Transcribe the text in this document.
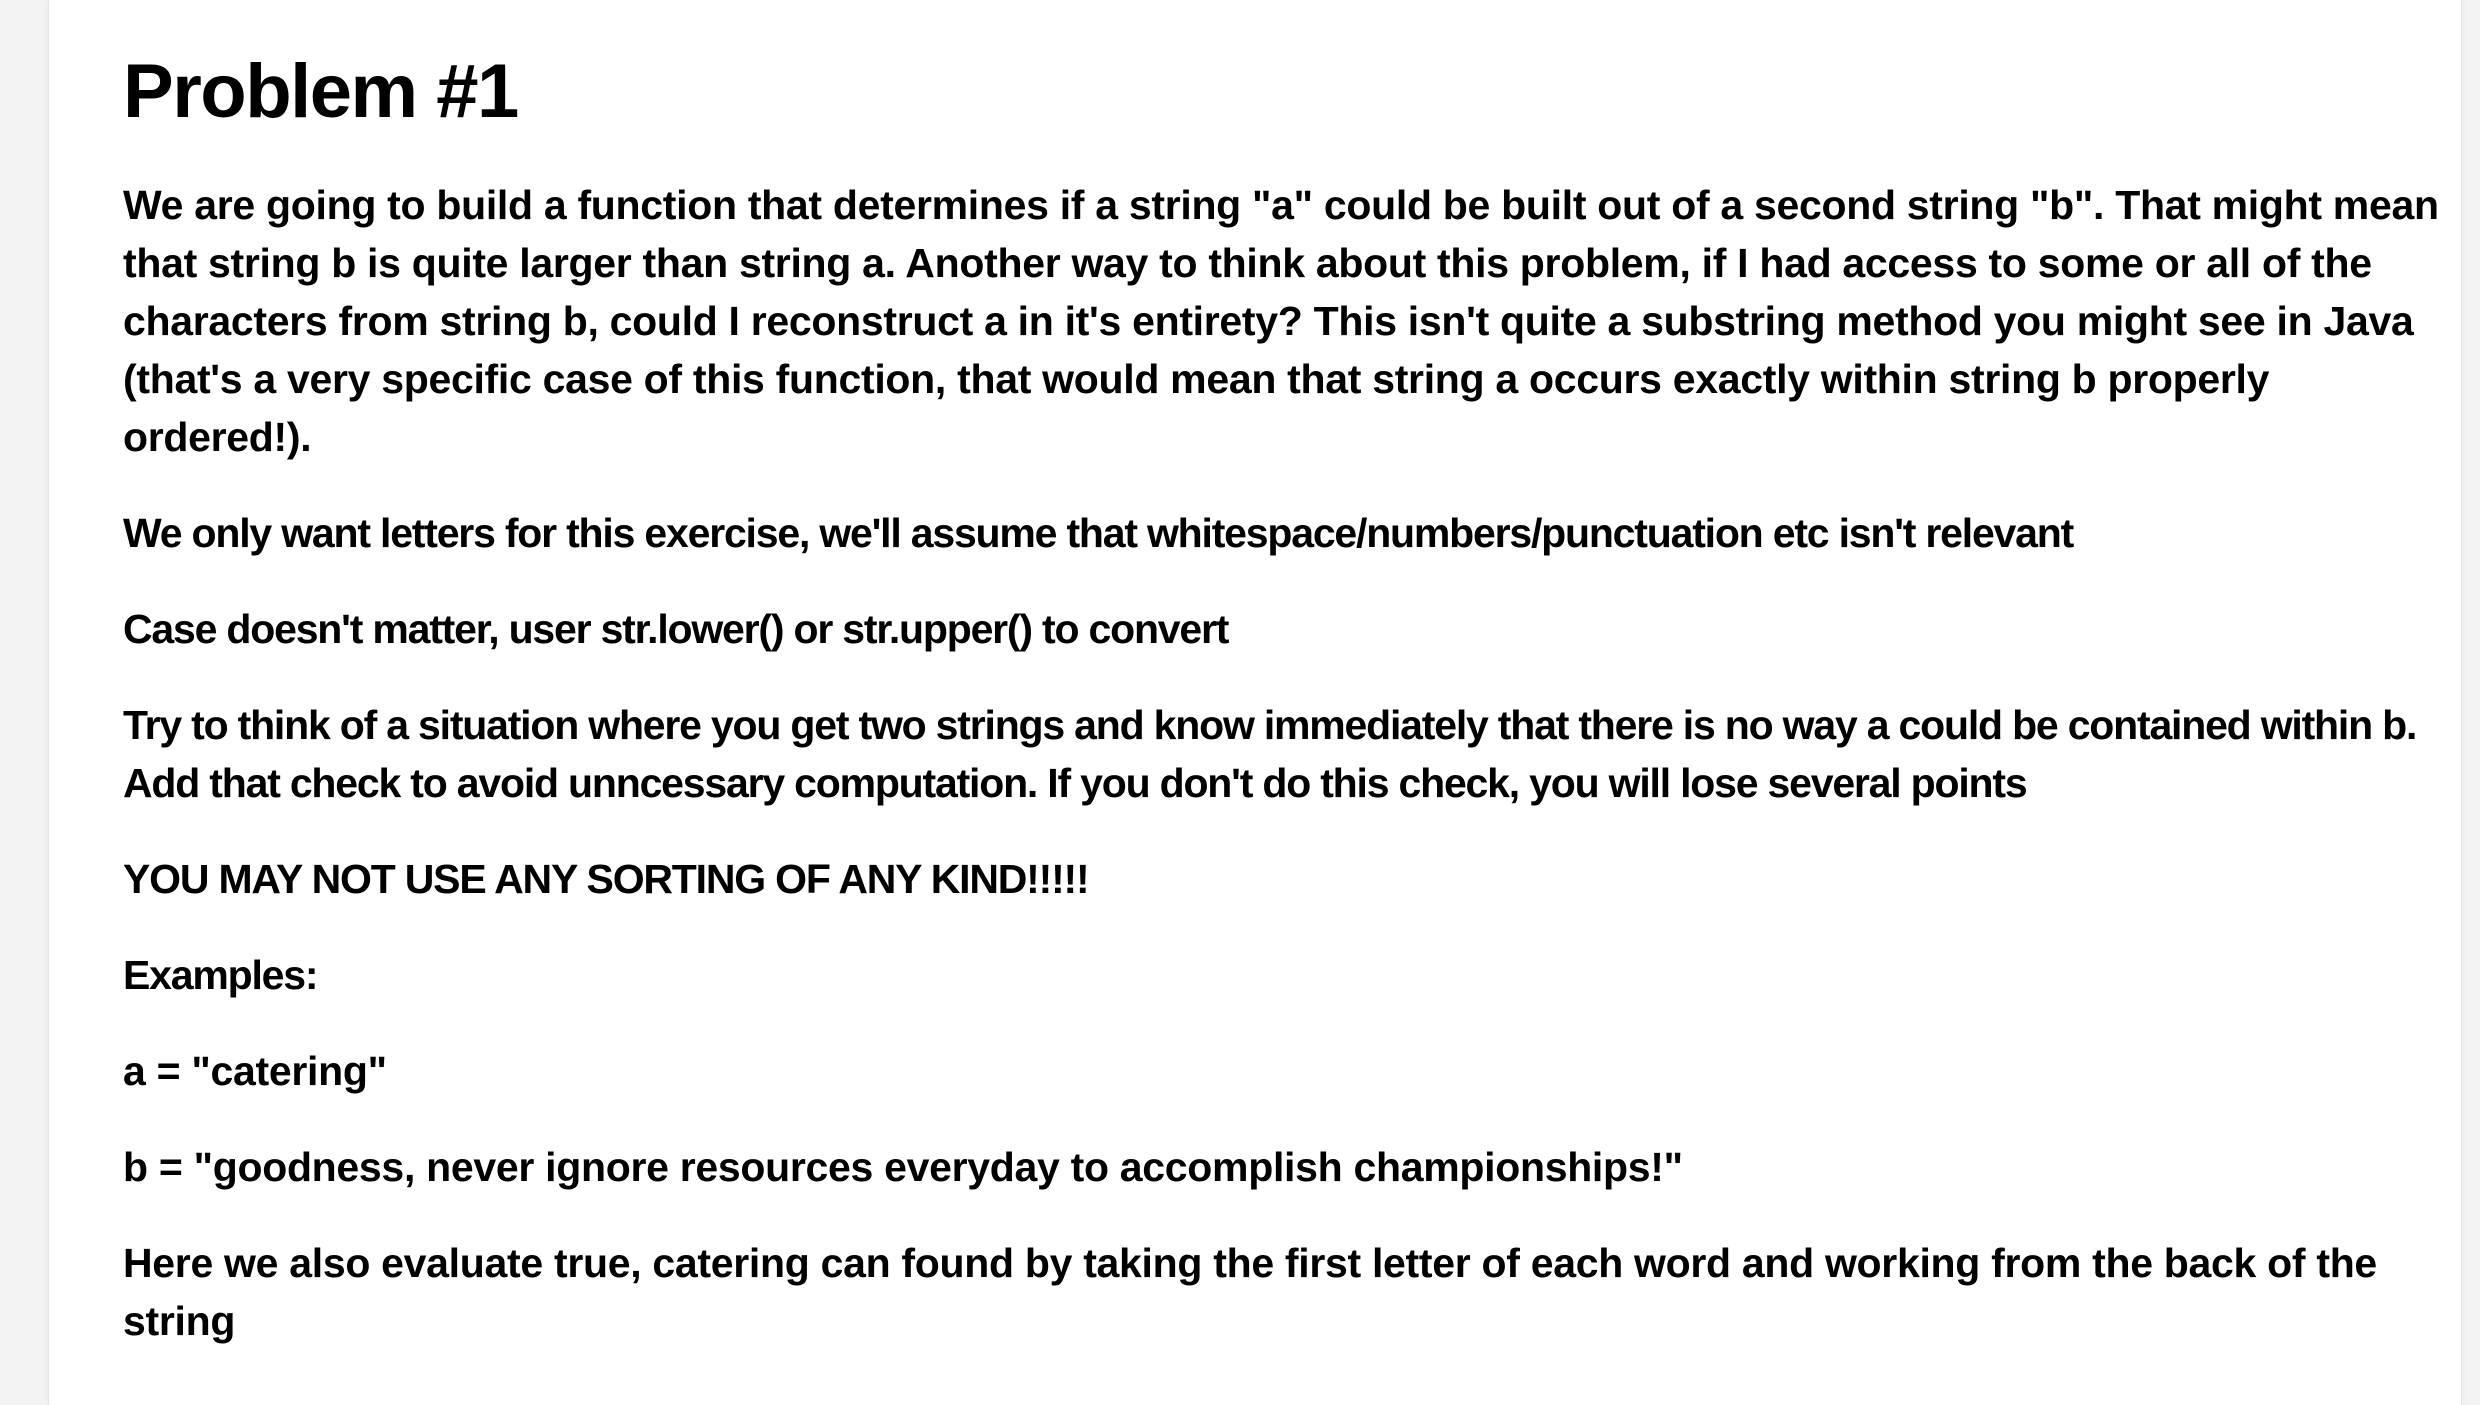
Problem #1

We are going to build a function that determines if a string "a" could be built out of a second string "b". That might mean that string b is quite larger than string a. Another way to think about this problem, if I had access to some or all of the characters from string b, could I reconstruct a in it's entirety? This isn't quite a substring method you might see in Java (that's a very specific case of this function, that would mean that string a occurs exactly within string b properly ordered!).

We only want letters for this exercise, we'll assume that whitespace/numbers/punctuation etc isn't relevant

Case doesn't matter, user str.lower() or str.upper() to convert

Try to think of a situation where you get two strings and know immediately that there is no way a could be contained within b. Add that check to avoid unncessary computation. If you don't do this check, you will lose several points

YOU MAY NOT USE ANY SORTING OF ANY KIND!!!!!

Examples:

a = "catering"

b = "goodness, never ignore resources everyday to accomplish championships!"

Here we also evaluate true, catering can found by taking the first letter of each word and working from the back of the string
